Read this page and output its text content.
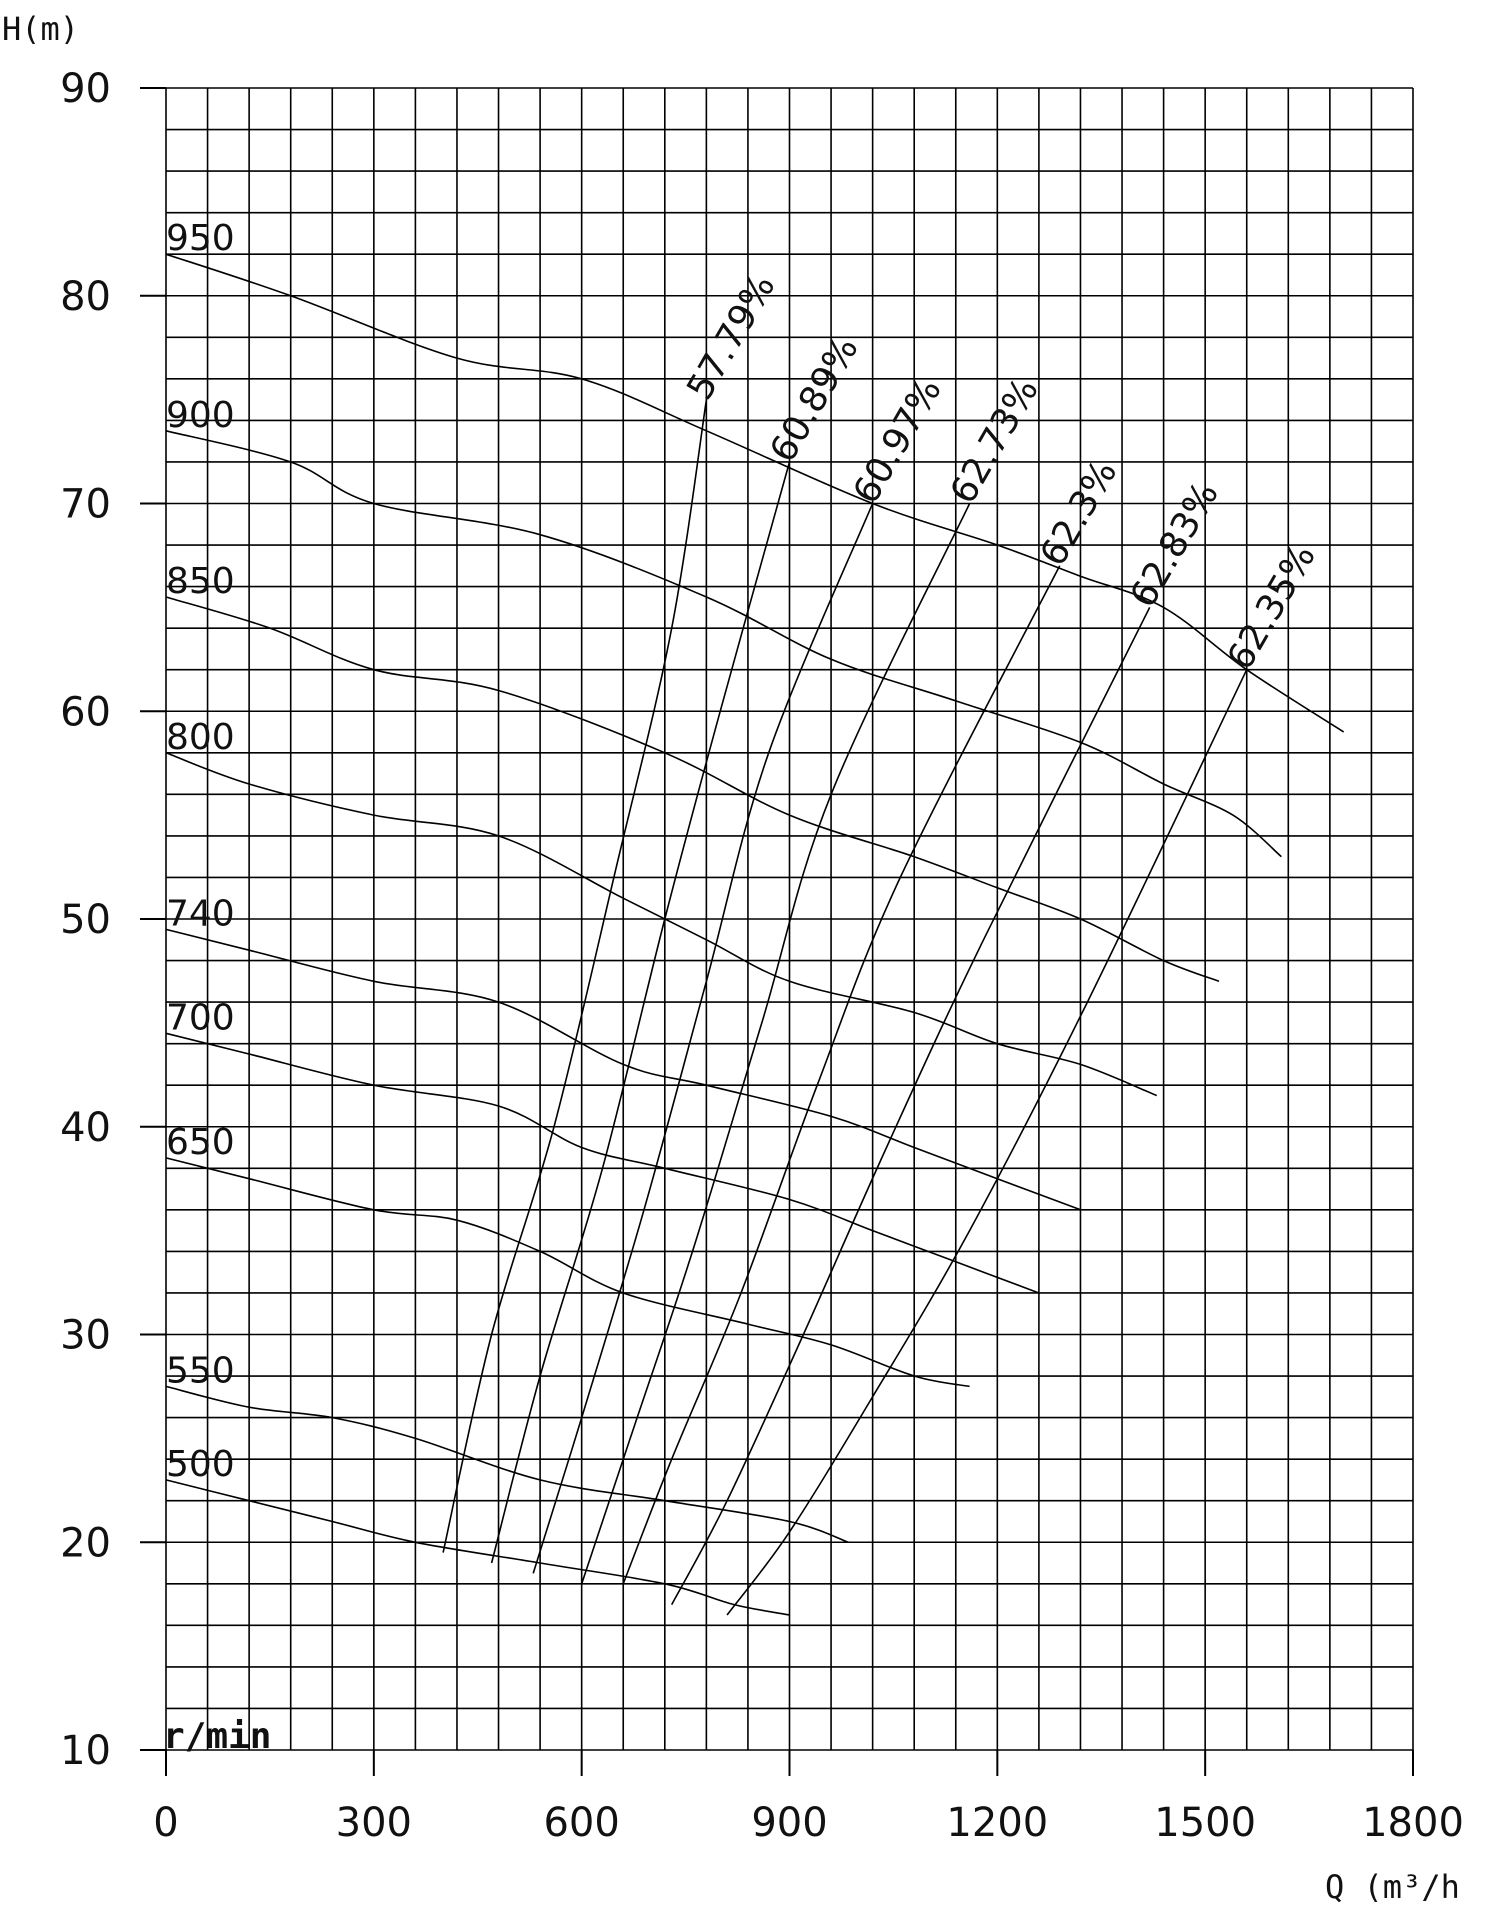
10
20
30
40
50
60
70
80
90
0	300	600	900	1200	1500	1800
950
900
850
800
740
700
650
550
500
57.79%
60.89%
60.97%
62.73%
62.3%
62.83%
62.35%
H(m)
Q (m³/h
r/min
